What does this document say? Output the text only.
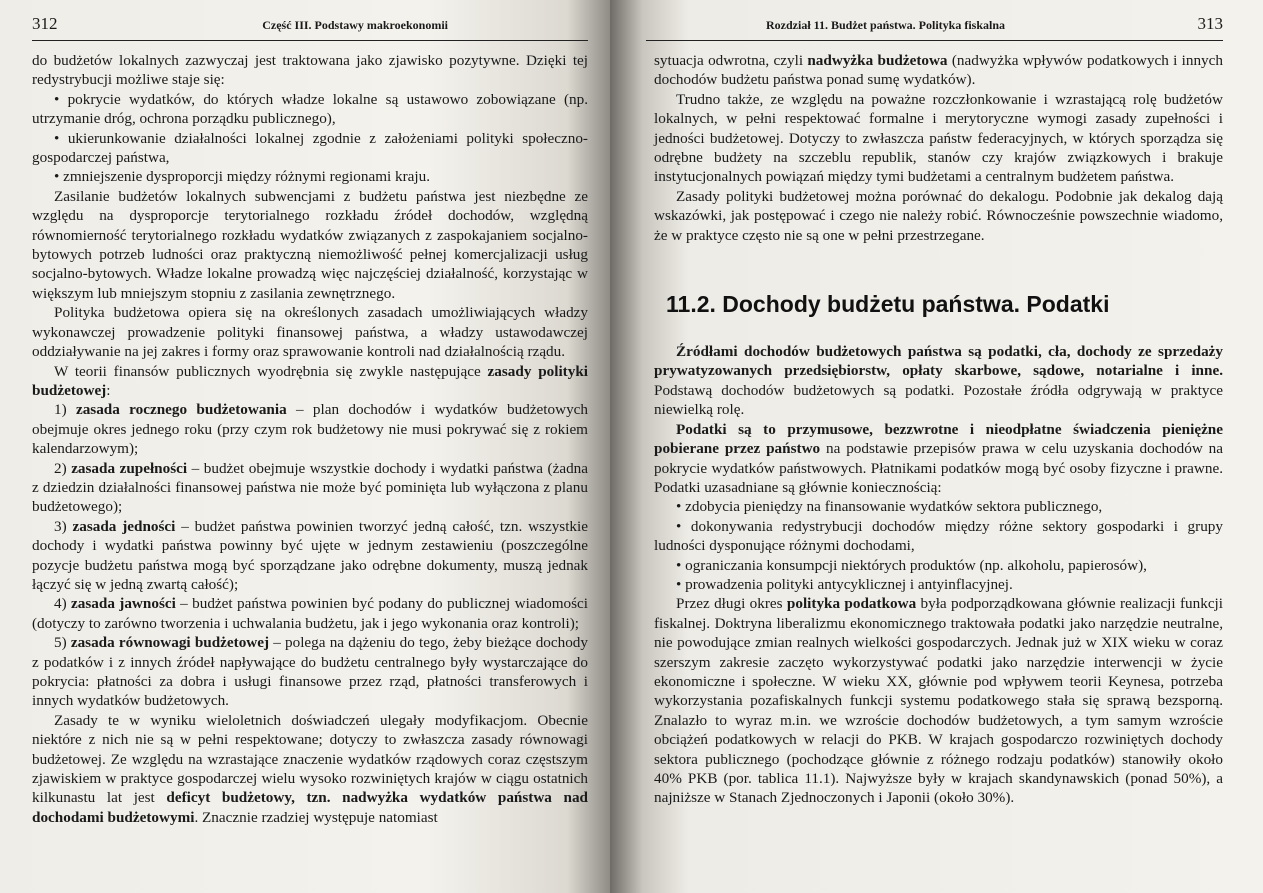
312	Część III. Podstawy makroekonomii

do budżetów lokalnych zazwyczaj jest traktowana jako zjawisko pozytywne. Dzięki tej redystrybucji możliwe staje się:

• pokrycie wydatków, do których władze lokalne są ustawowo zobowiązane (np. utrzymanie dróg, ochrona porządku publicznego),

• ukierunkowanie działalności lokalnej zgodnie z założeniami polityki społeczno-gospodarczej państwa,

• zmniejszenie dysproporcji między różnymi regionami kraju.

Zasilanie budżetów lokalnych subwencjami z budżetu państwa jest niezbędne ze względu na dysproporcje terytorialnego rozkładu źródeł dochodów, względną równomierność terytorialnego rozkładu wydatków związanych z zaspokajaniem socjalno-bytowych potrzeb ludności oraz praktyczną niemożliwość pełnej komercjalizacji usług socjalno-bytowych. Władze lokalne prowadzą więc najczęściej działalność, korzystając w większym lub mniejszym stopniu z zasilania zewnętrznego.

Polityka budżetowa opiera się na określonych zasadach umożliwiających władzy wykonawczej prowadzenie polityki finansowej państwa, a władzy ustawodawczej oddziaływanie na jej zakres i formy oraz sprawowanie kontroli nad działalnością rządu.

W teorii finansów publicznych wyodrębnia się zwykle następujące zasady polityki budżetowej:

1) zasada rocznego budżetowania – plan dochodów i wydatków budżetowych obejmuje okres jednego roku (przy czym rok budżetowy nie musi pokrywać się z rokiem kalendarzowym);

2) zasada zupełności – budżet obejmuje wszystkie dochody i wydatki państwa (żadna z dziedzin działalności finansowej państwa nie może być pominięta lub wyłączona z planu budżetowego);

3) zasada jedności – budżet państwa powinien tworzyć jedną całość, tzn. wszystkie dochody i wydatki państwa powinny być ujęte w jednym zestawieniu (poszczególne pozycje budżetu państwa mogą być sporządzane jako odrębne dokumenty, muszą jednak łączyć się w jedną zwartą całość);

4) zasada jawności – budżet państwa powinien być podany do publicznej wiadomości (dotyczy to zarówno tworzenia i uchwalania budżetu, jak i jego wykonania oraz kontroli);

5) zasada równowagi budżetowej – polega na dążeniu do tego, żeby bieżące dochody z podatków i z innych źródeł napływające do budżetu centralnego były wystarczające do pokrycia: płatności za dobra i usługi finansowe przez rząd, płatności transferowych i innych wydatków budżetowych.

Zasady te w wyniku wieloletnich doświadczeń ulegały modyfikacjom. Obecnie niektóre z nich nie są w pełni respektowane; dotyczy to zwłaszcza zasady równowagi budżetowej. Ze względu na wzrastające znaczenie wydatków rządowych coraz częstszym zjawiskiem w praktyce gospodarczej wielu wysoko rozwiniętych krajów w ciągu ostatnich kilkunastu lat jest deficyt budżetowy, tzn. nadwyżka wydatków państwa nad dochodami budżetowymi. Znacznie rzadziej występuje natomiast

Rozdział 11. Budżet państwa. Polityka fiskalna	313

sytuacja odwrotna, czyli nadwyżka budżetowa (nadwyżka wpływów podatkowych i innych dochodów budżetu państwa ponad sumę wydatków).

Trudno także, ze względu na poważne rozczłonkowanie i wzrastającą rolę budżetów lokalnych, w pełni respektować formalne i merytoryczne wymogi zasady zupełności i jedności budżetowej. Dotyczy to zwłaszcza państw federacyjnych, w których sporządza się odrębne budżety na szczeblu republik, stanów czy krajów związkowych i brakuje instytucjonalnych powiązań między tymi budżetami a centralnym budżetem państwa.

Zasady polityki budżetowej można porównać do dekalogu. Podobnie jak dekalog dają wskazówki, jak postępować i czego nie należy robić. Równocześnie powszechnie wiadomo, że w praktyce często nie są one w pełni przestrzegane.

11.2. Dochody budżetu państwa. Podatki

Źródłami dochodów budżetowych państwa są podatki, cła, dochody ze sprzedaży prywatyzowanych przedsiębiorstw, opłaty skarbowe, sądowe, notarialne i inne. Podstawą dochodów budżetowych są podatki. Pozostałe źródła odgrywają w praktyce niewielką rolę.

Podatki są to przymusowe, bezzwrotne i nieodpłatne świadczenia pieniężne pobierane przez państwo na podstawie przepisów prawa w celu uzyskania dochodów na pokrycie wydatków państwowych. Płatnikami podatków mogą być osoby fizyczne i prawne. Podatki uzasadniane są głównie koniecznością:

• zdobycia pieniędzy na finansowanie wydatków sektora publicznego,

• dokonywania redystrybucji dochodów między różne sektory gospodarki i grupy ludności dysponujące różnymi dochodami,

• ograniczania konsumpcji niektórych produktów (np. alkoholu, papierosów),

• prowadzenia polityki antycyklicznej i antyinflacyjnej.

Przez długi okres polityka podatkowa była podporządkowana głównie realizacji funkcji fiskalnej. Doktryna liberalizmu ekonomicznego traktowała podatki jako narzędzie neutralne, nie powodujące zmian realnych wielkości gospodarczych. Jednak już w XIX wieku w coraz szerszym zakresie zaczęto wykorzystywać podatki jako narzędzie interwencji w życie ekonomiczne i społeczne. W wieku XX, głównie pod wpływem teorii Keynesa, potrzeba wykorzystania pozafiskalnych funkcji systemu podatkowego stała się sprawą bezsporną. Znalazło to wyraz m.in. we wzroście dochodów budżetowych, a tym samym wzroście obciążeń podatkowych w relacji do PKB. W krajach gospodarczo rozwiniętych dochody sektora publicznego (pochodzące głównie z różnego rodzaju podatków) stanowiły około 40% PKB (por. tablica 11.1). Najwyższe były w krajach skandynawskich (ponad 50%), a najniższe w Stanach Zjednoczonych i Japonii (około 30%).
